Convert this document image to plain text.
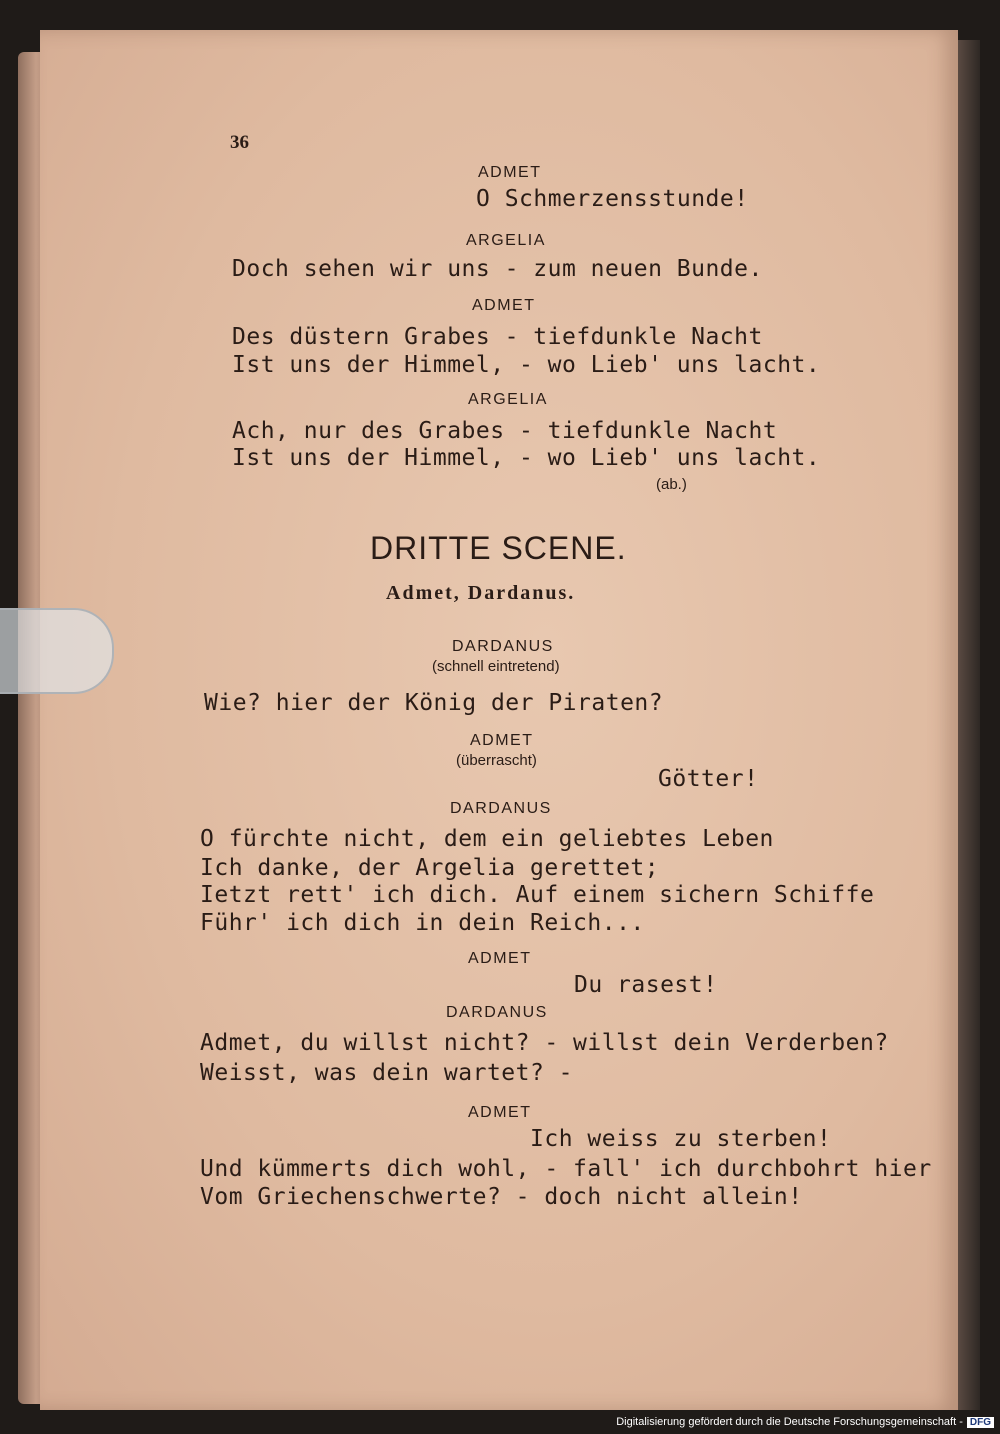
36

ADMET

O Schmerzensstunde!

ARGELIA

Doch sehen wir uns - zum neuen Bunde.

ADMET

Des düstern Grabes - tiefdunkle Nacht

Ist uns der Himmel, - wo Lieb' uns lacht.

ARGELIA

Ach, nur des Grabes - tiefdunkle Nacht

Ist uns der Himmel, - wo Lieb' uns lacht.

(ab.)

DRITTE SCENE.

Admet, Dardanus.

DARDANUS

(schnell eintretend)

Wie? hier der König der Piraten?

ADMET

(überrascht)

Götter!

DARDANUS

O fürchte nicht, dem ein geliebtes Leben

Ich danke, der Argelia gerettet;

Ietzt rett' ich dich. Auf einem sichern Schiffe

Führ' ich dich in dein Reich...

ADMET

Du rasest!

DARDANUS

Admet, du willst nicht? - willst dein Verderben?

Weisst, was dein wartet? -

ADMET

Ich weiss zu sterben!

Und kümmerts dich wohl, - fall' ich durchbohrt hier

Vom Griechenschwerte? - doch nicht allein!

Digitalisierung gefördert durch die Deutsche Forschungsgemeinschaft - DFG
